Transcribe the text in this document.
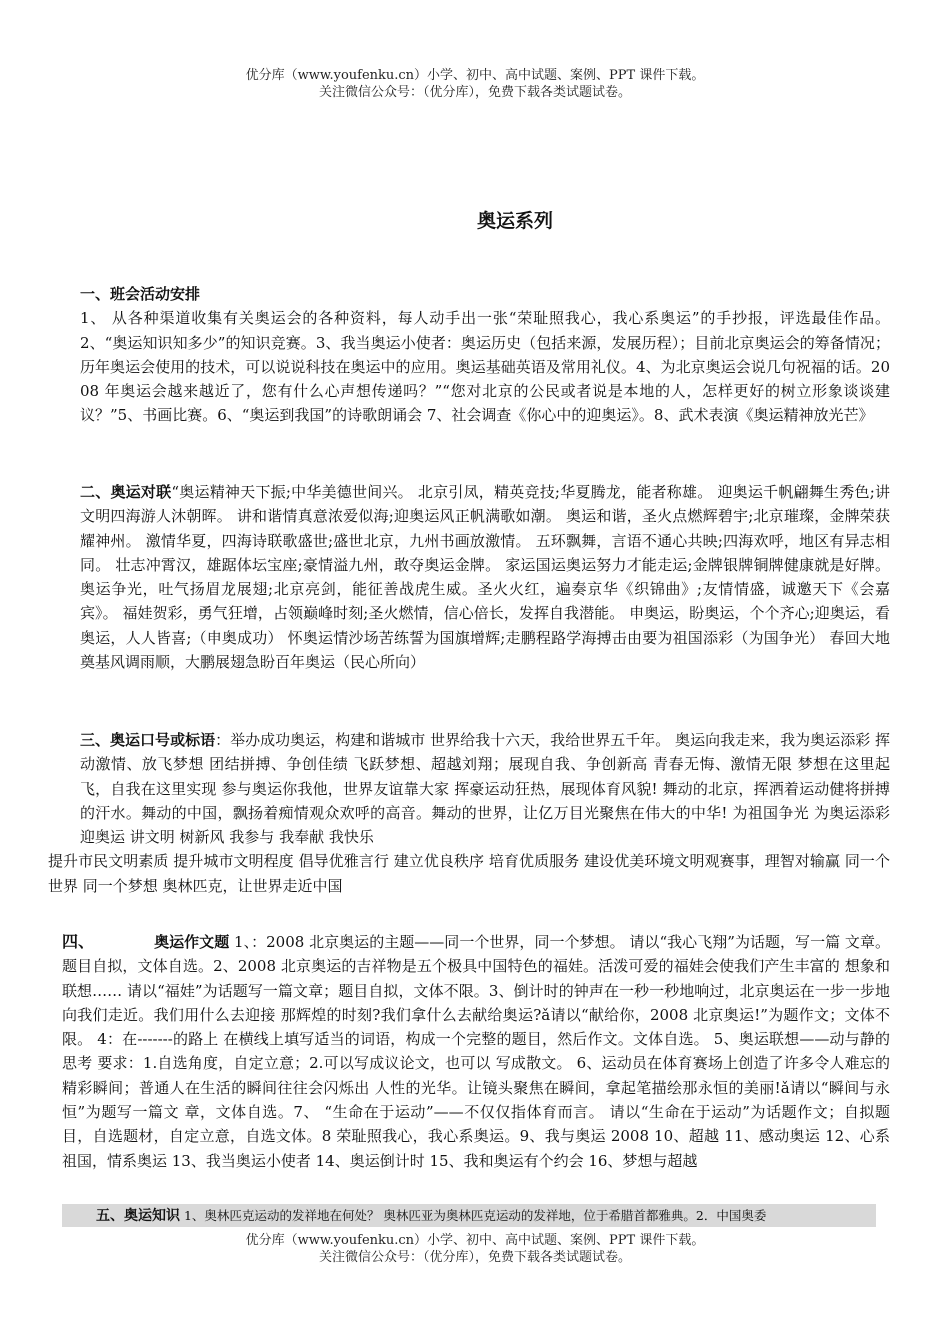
优分库（www.youfenku.cn）小学、初中、高中试题、案例、PPT 课件下载。
关注微信公众号：（优分库），免费下载各类试题试卷。
奥运系列
一、班会活动安排
1、 从各种渠道收集有关奥运会的各种资料，每人动手出一张“荣耻照我心，我心系奥运”的手抄报，评选最佳作品。2、“奥运知识知多少”的知识竞赛。3、我当奥运小使者：奥运历史（包括来源，发展历程）；目前北京奥运会的筹备情况； 历年奥运会使用的技术，可以说说科技在奥运中的应用。奥运基础英语及常用礼仪。4、为北京奥运会说几句祝福的话。2008 年奥运会越来越近了，您有什么心声想传递吗？”“您对北京的公民或者说是本地的人，怎样更好的树立形象谈谈建议？”5、书画比赛。6、“奥运到我国”的诗歌朗诵会 7、社会调查《你心中的迎奥运》。8、武术表演《奥运精神放光芒》
二、奥运对联“奥运精神天下振;中华美德世间兴。 北京引凤，精英竞技;华夏腾龙，能者称雄。 迎奥运千帆翩舞生秀色;讲文明四海游人沐朝晖。 讲和谐情真意浓爱似海;迎奥运风正帆满歌如潮。 奥运和谐，圣火点燃辉碧宇;北京璀璨，金牌荣获耀神州。 激情华夏，四海诗联歌盛世;盛世北京，九州书画放激情。 五环飘舞，言语不通心共映;四海欢呼，地区有异志相同。 壮志冲霄汉，雄踞体坛宝座;豪情溢九州，敢夺奥运金牌。 家运国运奥运努力才能走运;金牌银牌铜牌健康就是好牌。 奥运争光，吐气扬眉龙展翅;北京亮剑，能征善战虎生威。圣火火红，遍奏京华《织锦曲》;友情情盛，诚邀天下《会嘉宾》。 福娃贺彩，勇气狂增，占领巅峰时刻;圣火燃情，信心倍长，发挥自我潜能。 申奥运，盼奥运，个个齐心;迎奥运，看奥运，人人皆喜;（申奥成功） 怀奥运情沙场苦练誓为国旗增辉;走鹏程路学海搏击由要为祖国添彩（为国争光） 春回大地奠基风调雨顺，大鹏展翅急盼百年奥运（民心所向）
三、奥运口号或标语：举办成功奥运，构建和谐城市 世界给我十六天，我给世界五千年。 奥运向我走来，我为奥运添彩 挥动激情、放飞梦想 团结拼搏、争创佳绩 飞跃梦想、超越刘翔；展现自我、争创新高 青春无悔、激情无限 梦想在这里起飞，自我在这里实现 参与奥运你我他，世界友谊靠大家 挥豪运动狂热，展现体育风貌! 舞动的北京，挥洒着运动健将拼搏的汗水。舞动的中国，飘扬着痴情观众欢呼的高音。舞动的世界，让亿万目光聚焦在伟大的中华! 为祖国争光 为奥运添彩 迎奥运 讲文明 树新风 我参与 我奉献 我快乐
提升市民文明素质 提升城市文明程度 倡导优雅言行 建立优良秩序 培育优质服务 建设优美环境文明观赛事，理智对输赢 同一个世界 同一个梦想 奥林匹克，让世界走近中国
四、	奥运作文题 1、：2008 北京奥运的主题——同一个世界，同一个梦想。 请以“我心飞翔”为话题，写一篇 文章。题目自拟，文体自选。2、2008 北京奥运的吉祥物是五个极具中国特色的福娃。活泼可爱的福娃会使我们产生丰富的 想象和联想…… 请以“福娃”为话题写一篇文章；题目自拟，文体不限。3、倒计时的钟声在一秒一秒地响过，北京奥运在一步一步地向我们走近。我们用什么去迎接 那辉煌的时刻?我们拿什么去献给奥运?ǎ请以“献给你，2008 北京奥运!”为题作文；文体不限。 4：在-------的路上 在横线上填写适当的词语，构成一个完整的题目，然后作文。文体自选。 5、奥运联想——动与静的思考 要求：1.自选角度，自定立意；2.可以写成议论文，也可以 写成散文。 6、运动员在体育赛场上创造了许多令人难忘的精彩瞬间；普通人在生活的瞬间往往会闪烁出 人性的光华。让镜头聚焦在瞬间，拿起笔描绘那永恒的美丽!ǎ请以“瞬间与永恒”为题写一篇文 章，文体自选。7、 “生命在于运动”——不仅仅指体育而言。 请以“生命在于运动”为话题作文；自拟题 目，自选题材，自定立意，自选文体。8 荣耻照我心，我心系奥运。9、我与奥运 2008 10、超越 11、感动奥运 12、心系祖国，情系奥运 13、我当奥运小使者 14、奥运倒计时 15、我和奥运有个约会 16、梦想与超越
五、奥运知识 1、奥林匹克运动的发祥地在何处？ 奥林匹亚为奥林匹克运动的发祥地，位于希腊首都雅典。2．中国奥委
优分库（www.youfenku.cn）小学、初中、高中试题、案例、PPT 课件下载。
关注微信公众号：（优分库），免费下载各类试题试卷。
